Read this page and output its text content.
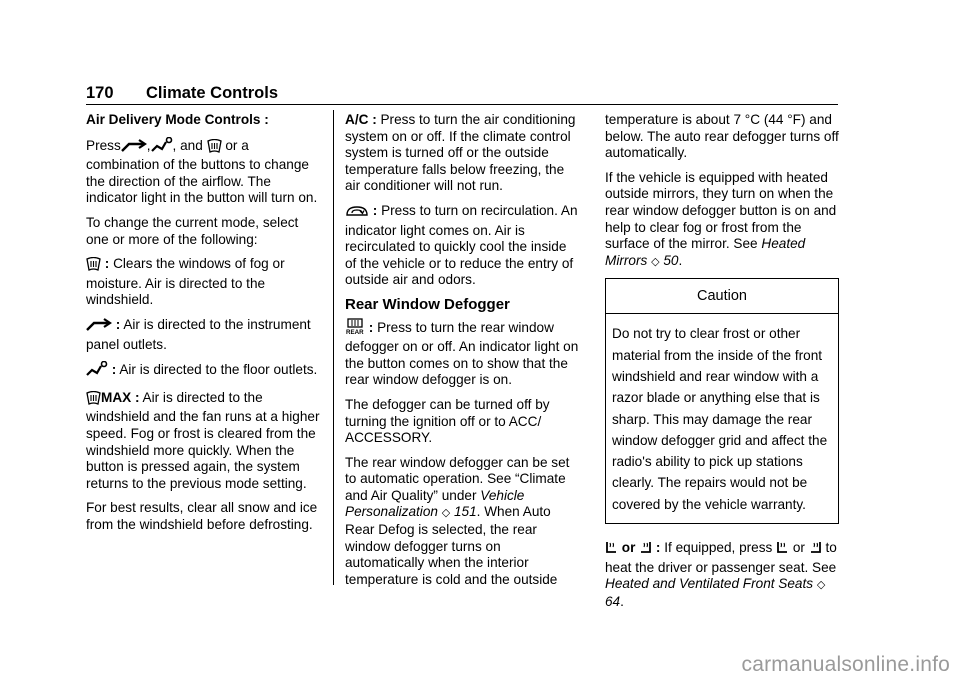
170 Climate Controls

Air Delivery Mode Controls :

Press , , and or a combination of the buttons to change the direction of the airflow. The indicator light in the button will turn on.

To change the current mode, select one or more of the following:

: Clears the windows of fog or moisture. Air is directed to the windshield.

: Air is directed to the instrument panel outlets.

: Air is directed to the floor outlets.

MAX : Air is directed to the windshield and the fan runs at a higher speed. Fog or frost is cleared from the windshield more quickly. When the button is pressed again, the system returns to the previous mode setting.

For best results, clear all snow and ice from the windshield before defrosting.

A/C : Press to turn the air conditioning system on or off. If the climate control system is turned off or the outside temperature falls below freezing, the air conditioner will not run.

: Press to turn on recirculation. An indicator light comes on. Air is recirculated to quickly cool the inside of the vehicle or to reduce the entry of outside air and odors.

Rear Window Defogger

REAR : Press to turn the rear window defogger on or off. An indicator light on the button comes on to show that the rear window defogger is on.

The defogger can be turned off by turning the ignition off or to ACC/ ACCESSORY.

The rear window defogger can be set to automatic operation. See “Climate and Air Quality” under Vehicle Personalization ◇ 151. When Auto Rear Defog is selected, the rear window defogger turns on automatically when the interior temperature is cold and the outside

temperature is about 7 °C (44 °F) and below. The auto rear defogger turns off automatically.

If the vehicle is equipped with heated outside mirrors, they turn on when the rear window defogger button is on and help to clear fog or frost from the surface of the mirror. See Heated Mirrors ◇ 50.

Caution
Do not try to clear frost or other material from the inside of the front windshield and rear window with a razor blade or anything else that is sharp. This may damage the rear window defogger grid and affect the radio's ability to pick up stations clearly. The repairs would not be covered by the vehicle warranty.

or  : If equipped, press  or  to heat the driver or passenger seat. See Heated and Ventilated Front Seats ◇ 64.

carmanualsonline.info
